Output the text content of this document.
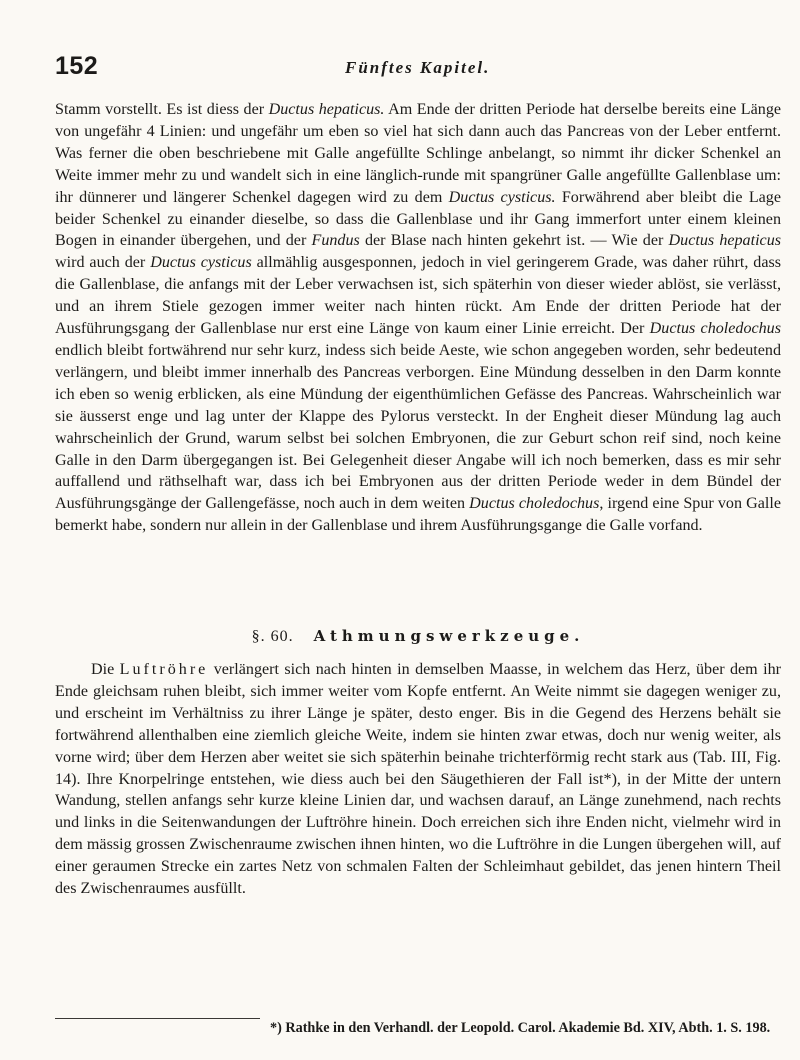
152	Fünftes Kapitel.
Stamm vorstellt. Es ist diess der Ductus hepaticus. Am Ende der dritten Periode hat derselbe bereits eine Länge von ungefähr 4 Linien: und ungefähr um eben so viel hat sich dann auch das Pancreas von der Leber entfernt. Was ferner die oben beschriebene mit Galle angefüllte Schlinge anbelangt, so nimmt ihr dicker Schenkel an Weite immer mehr zu und wandelt sich in eine länglich-runde mit spangrüner Galle angefüllte Gallenblase um: ihr dünnerer und längerer Schenkel dagegen wird zu dem Ductus cysticus. Forwährend aber bleibt die Lage beider Schenkel zu einander dieselbe, so dass die Gallenblase und ihr Gang immerfort unter einem kleinen Bogen in einander übergehen, und der Fundus der Blase nach hinten gekehrt ist. — Wie der Ductus hepaticus wird auch der Ductus cysticus allmählig ausgesponnen, jedoch in viel geringerem Grade, was daher rührt, dass die Gallenblase, die anfangs mit der Leber verwachsen ist, sich späterhin von dieser wieder ablöst, sie verlässt, und an ihrem Stiele gezogen immer weiter nach hinten rückt. Am Ende der dritten Periode hat der Ausführungsgang der Gallenblase nur erst eine Länge von kaum einer Linie erreicht. Der Ductus choledochus endlich bleibt fortwährend nur sehr kurz, indess sich beide Aeste, wie schon angegeben worden, sehr bedeutend verlängern, und bleibt immer innerhalb des Pancreas verborgen. Eine Mündung desselben in den Darm konnte ich eben so wenig erblicken, als eine Mündung der eigenthümlichen Gefässe des Pancreas. Wahrscheinlich war sie äusserst enge und lag unter der Klappe des Pylorus versteckt. In der Engheit dieser Mündung lag auch wahrscheinlich der Grund, warum selbst bei solchen Embryonen, die zur Geburt schon reif sind, noch keine Galle in den Darm übergegangen ist. Bei Gelegenheit dieser Angabe will ich noch bemerken, dass es mir sehr auffallend und räthselhaft war, dass ich bei Embryonen aus der dritten Periode weder in dem Bündel der Ausführungsgänge der Gallengefässe, noch auch in dem weiten Ductus choledochus, irgend eine Spur von Galle bemerkt habe, sondern nur allein in der Gallenblase und ihrem Ausführungsgange die Galle vorfand.
§. 60. Athmungswerkzeuge.
Die Luftröhre verlängert sich nach hinten in demselben Maasse, in welchem das Herz, über dem ihr Ende gleichsam ruhen bleibt, sich immer weiter vom Kopfe entfernt. An Weite nimmt sie dagegen weniger zu, und erscheint im Verhältniss zu ihrer Länge je später, desto enger. Bis in die Gegend des Herzens behält sie fortwährend allenthalben eine ziemlich gleiche Weite, indem sie hinten zwar etwas, doch nur wenig weiter, als vorne wird; über dem Herzen aber weitet sie sich späterhin beinahe trichterförmig recht stark aus (Tab. III, Fig. 14). Ihre Knorpelringe entstehen, wie diess auch bei den Säugethieren der Fall ist*), in der Mitte der untern Wandung, stellen anfangs sehr kurze kleine Linien dar, und wachsen darauf, an Länge zunehmend, nach rechts und links in die Seitenwandungen der Luftröhre hinein. Doch erreichen sich ihre Enden nicht, vielmehr wird in dem mässig grossen Zwischenraume zwischen ihnen hinten, wo die Luftröhre in die Lungen übergehen will, auf einer geraumen Strecke ein zartes Netz von schmalen Falten der Schleimhaut gebildet, das jenen hintern Theil des Zwischenraumes ausfüllt.
*) Rathke in den Verhandl. der Leopold. Carol. Akademie Bd. XIV, Abth. 1. S. 198.
